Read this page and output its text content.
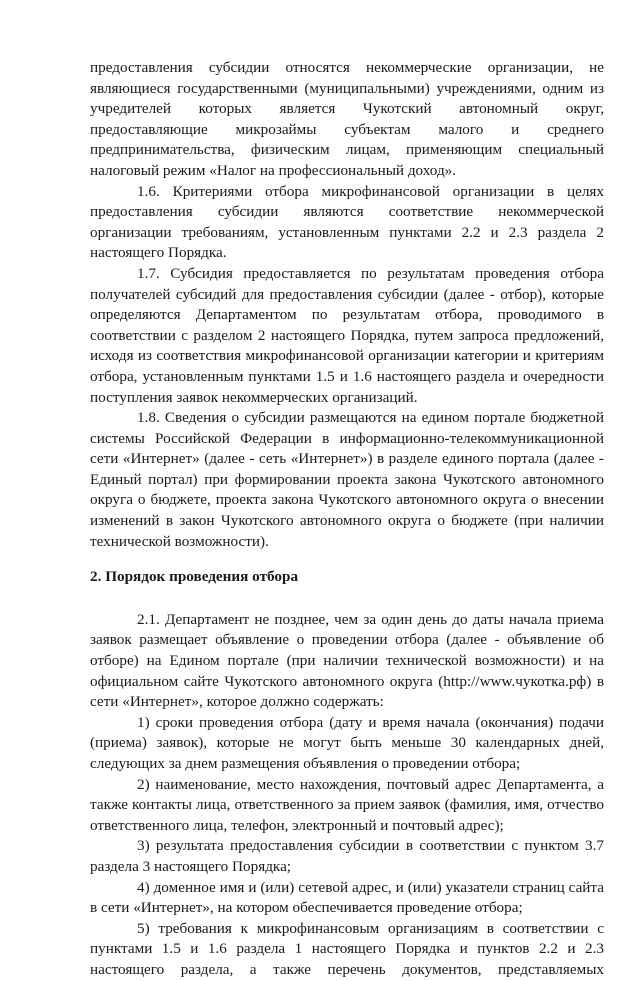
предоставления субсидии относятся некоммерческие организации, не являющиеся государственными (муниципальными) учреждениями, одним из учредителей которых является Чукотский автономный округ, предоставляющие микрозаймы субъектам малого и среднего предпринимательства, физическим лицам, применяющим специальный налоговый режим «Налог на профессиональный доход».

1.6. Критериями отбора микрофинансовой организации в целях предоставления субсидии являются соответствие некоммерческой организации требованиям, установленным пунктами 2.2 и 2.3 раздела 2 настоящего Порядка.

1.7. Субсидия предоставляется по результатам проведения отбора получателей субсидий для предоставления субсидии (далее - отбор), которые определяются Департаментом по результатам отбора, проводимого в соответствии с разделом 2 настоящего Порядка, путем запроса предложений, исходя из соответствия микрофинансовой организации категории и критериям отбора, установленным пунктами 1.5 и 1.6 настоящего раздела и очередности поступления заявок некоммерческих организаций.

1.8. Сведения о субсидии размещаются на едином портале бюджетной системы Российской Федерации в информационно-телекоммуникационной сети «Интернет» (далее - сеть «Интернет») в разделе единого портала (далее - Единый портал) при формировании проекта закона Чукотского автономного округа о бюджете, проекта закона Чукотского автономного округа о внесении изменений в закон Чукотского автономного округа о бюджете (при наличии технической возможности).

2. Порядок проведения отбора

2.1. Департамент не позднее, чем за один день до даты начала приема заявок размещает объявление о проведении отбора (далее - объявление об отборе) на Едином портале (при наличии технической возможности) и на официальном сайте Чукотского автономного округа (http://www.чукотка.рф) в сети «Интернет», которое должно содержать:

1) сроки проведения отбора (дату и время начала (окончания) подачи (приема) заявок), которые не могут быть меньше 30 календарных дней, следующих за днем размещения объявления о проведении отбора;

2) наименование, место нахождения, почтовый адрес Департамента, а также контакты лица, ответственного за прием заявок (фамилия, имя, отчество ответственного лица, телефон, электронный и почтовый адрес);

3) результата предоставления субсидии в соответствии с пунктом 3.7 раздела 3 настоящего Порядка;

4) доменное имя и (или) сетевой адрес, и (или) указатели страниц сайта в сети «Интернет», на котором обеспечивается проведение отбора;

5) требования к микрофинансовым организациям в соответствии с пунктами 1.5 и 1.6 раздела 1 настоящего Порядка и пунктов 2.2 и 2.3 настоящего раздела, а также перечень документов, представляемых
